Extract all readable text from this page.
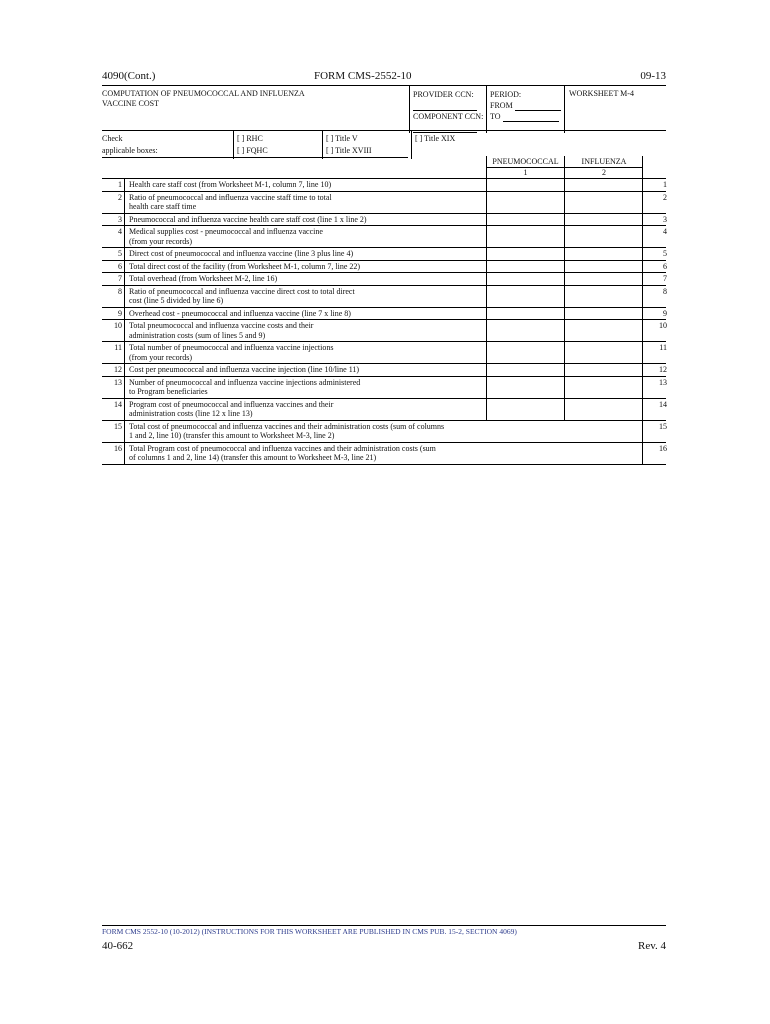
4090(Cont.)	FORM CMS-2552-10	09-13
COMPUTATION OF PNEUMOCOCCAL AND INFLUENZA
VACCINE COST
PROVIDER CCN:
COMPONENT CCN:
PERIOD:
FROM
TO
WORKSHEET M-4
Check
applicable boxes:
[ ] RHC
[ ] FQHC
[ ] Title V
[ ] Title XVIII
[ ] Title XIX
PNEUMOCOCCAL
1
INFLUENZA
2
1 Health care staff cost (from Worksheet M-1, column 7, line 10)	1
2 Ratio of pneumococcal and influenza vaccine staff time to total
health care staff time
2
3 Pneumococcal and influenza vaccine health care staff cost (line 1 x line 2)	3
4 Medical supplies cost - pneumococcal and influenza vaccine
(from your records)
4
5 Direct cost of pneumococcal and influenza vaccine (line 3 plus line 4)	5
6 Total direct cost of the facility (from Worksheet M-1, column 7, line 22)	6
7 Total overhead (from Worksheet M-2, line 16)	7
8 Ratio of pneumococcal and influenza vaccine direct cost to total direct
cost (line 5 divided by line 6)
8
9 Overhead cost - pneumococcal and influenza vaccine (line 7 x line 8)	9
10 Total pneumococcal and influenza vaccine costs and their
administration costs (sum of lines 5 and 9)
10
11 Total number of pneumococcal and influenza vaccine injections
(from your records)
11
12 Cost per pneumococcal and influenza vaccine injection (line 10/line 11)	12
13 Number of pneumococcal and influenza vaccine injections administered
to Program beneficiaries
13
14 Program cost of pneumococcal and influenza vaccines and their
administration costs (line 12 x line 13)
14
15 Total cost of pneumococcal and influenza vaccines and their administration costs (sum of columns
1 and 2, line 10) (transfer this amount to Worksheet M-3, line 2)
15
16 Total Program cost of pneumococcal and influenza vaccines and their administration costs (sum
of columns 1 and 2, line 14) (transfer this amount to Worksheet M-3, line 21)
16
FORM CMS 2552-10 (10-2012) (INSTRUCTIONS FOR THIS WORKSHEET ARE PUBLISHED IN CMS PUB. 15-2, SECTION 4069)
40-662	Rev. 4
